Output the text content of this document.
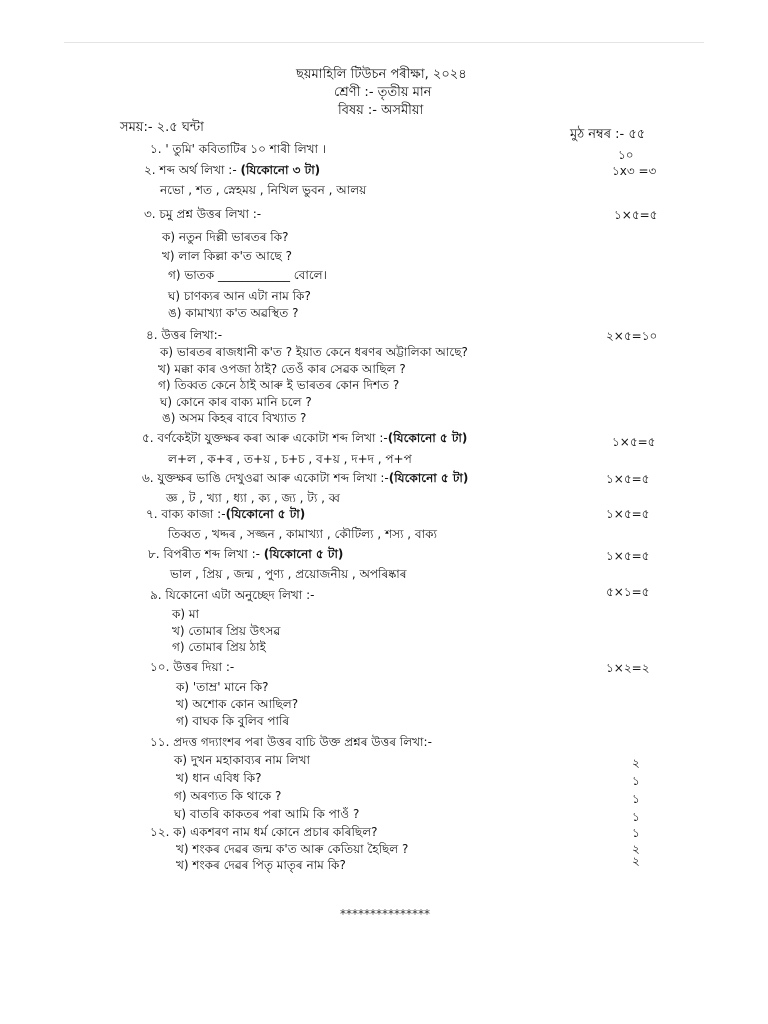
ছয়মাহিলি টিউচন পৰীক্ষা, ২০২৪
শ্ৰেণী :- তৃতীয় মান
বিষয় :- অসমীয়া
সময়:- ২.৫ ঘন্টা	মুঠ নম্বৰ :- ৫৫
১. ' তুমি' কবিতাটিৰ ১০ শাৰী লিখা ।	১০
২. শব্দ অৰ্থ লিখা :- (যিকোনো ৩ টা)	১x৩ =৩
নভো , শত , স্নেহময় , নিখিল ভুবন , আলয়
৩. চমু প্ৰশ্ন উত্তৰ লিখা :-	১×৫=৫
ক) নতুন দিল্লী ভাৰতৰ কি?
খ) লাল কিল্লা ক'ত আছে ?
গ) ভাতক ____________ বোলে।
ঘ) চাণক্যৰ আন এটা নাম কি?
ঙ) কামাখ্যা ক'ত অৱস্থিত ?
৪. উত্তৰ লিখা:-	২×৫=১০
ক) ভাৰতৰ ৰাজধানী ক'ত ? ইয়াত কেনে ধৰণৰ অট্টালিকা আছে?
খ) মক্কা কাৰ ওপজা ঠাই? তেওঁ কাৰ সেৱক আছিল ?
গ) তিব্বত কেনে ঠাই আৰু ই ভাৰতৰ কোন দিশত ?
ঘ) কোনে কাৰ বাক্য মানি চলে ?
ঙ) অসম কিহৰ বাবে বিখ্যাত ?
৫. বৰ্ণকেইটা যুক্তক্ষৰ কৰা আৰু একোটা শব্দ লিখা :-(যিকোনো ৫ টা)	১×৫=৫
ল+ল , ক+ৰ , ত+য় , চ+চ , ব+য় , দ+দ , প+প
৬. যুক্তক্ষৰ ভাঙি দেখুওৱা আৰু একোটা শব্দ লিখা :-(যিকোনো ৫ টা)	১×৫=৫
জ্ঞ , ট , খ্যা , ধ্যা , ক্য , জ্য , ট্য , ব্ব
৭. বাক্য কাজা :-(যিকোনো ৫ টা)	১×৫=৫
তিব্বত , খদ্দৰ , সজ্জন , কামাখ্যা , কৌটিল্য , শস্য , বাক্য
৮. বিপৰীত শব্দ লিখা :- (যিকোনো ৫ টা)	১×৫=৫
ভাল , প্ৰিয় , জন্ম , পুণ্য , প্ৰয়োজনীয় , অপৰিষ্কাৰ
৯. যিকোনো এটা অনুচ্ছেদ লিখা :-	৫×১=৫
ক) মা
খ) তোমাৰ প্ৰিয় উৎসৱ
গ) তোমাৰ প্ৰিয় ঠাই
১০. উত্তৰ দিয়া :-	১×২=২
ক) 'তাম্ৰ' মানে কি?
খ) অশোক কোন আছিল?
গ) বাঘক কি বুলিব পাৰি
১১. প্ৰদত্ত গদ্যাংশৰ পৰা উত্তৰ বাচি উক্ত প্ৰশ্নৰ উত্তৰ লিখা:-
ক) দুখন মহাকাব্যৰ নাম লিখা	২
খ) ধান এবিধ কি?	১
গ) অৰণ্যত কি থাকে ?	১
ঘ) বাতৰি কাকতৰ পৰা আমি কি পাওঁ ?	১
১২. ক) একশৰণ নাম ধৰ্ম কোনে প্ৰচাৰ কৰিছিল?	১
খ) শংকৰ দেৱৰ জন্ম ক'ত আৰু কেতিয়া হৈছিল ?	২
খ) শংকৰ দেৱৰ পিতৃ মাতৃৰ নাম কি?	২
***************
